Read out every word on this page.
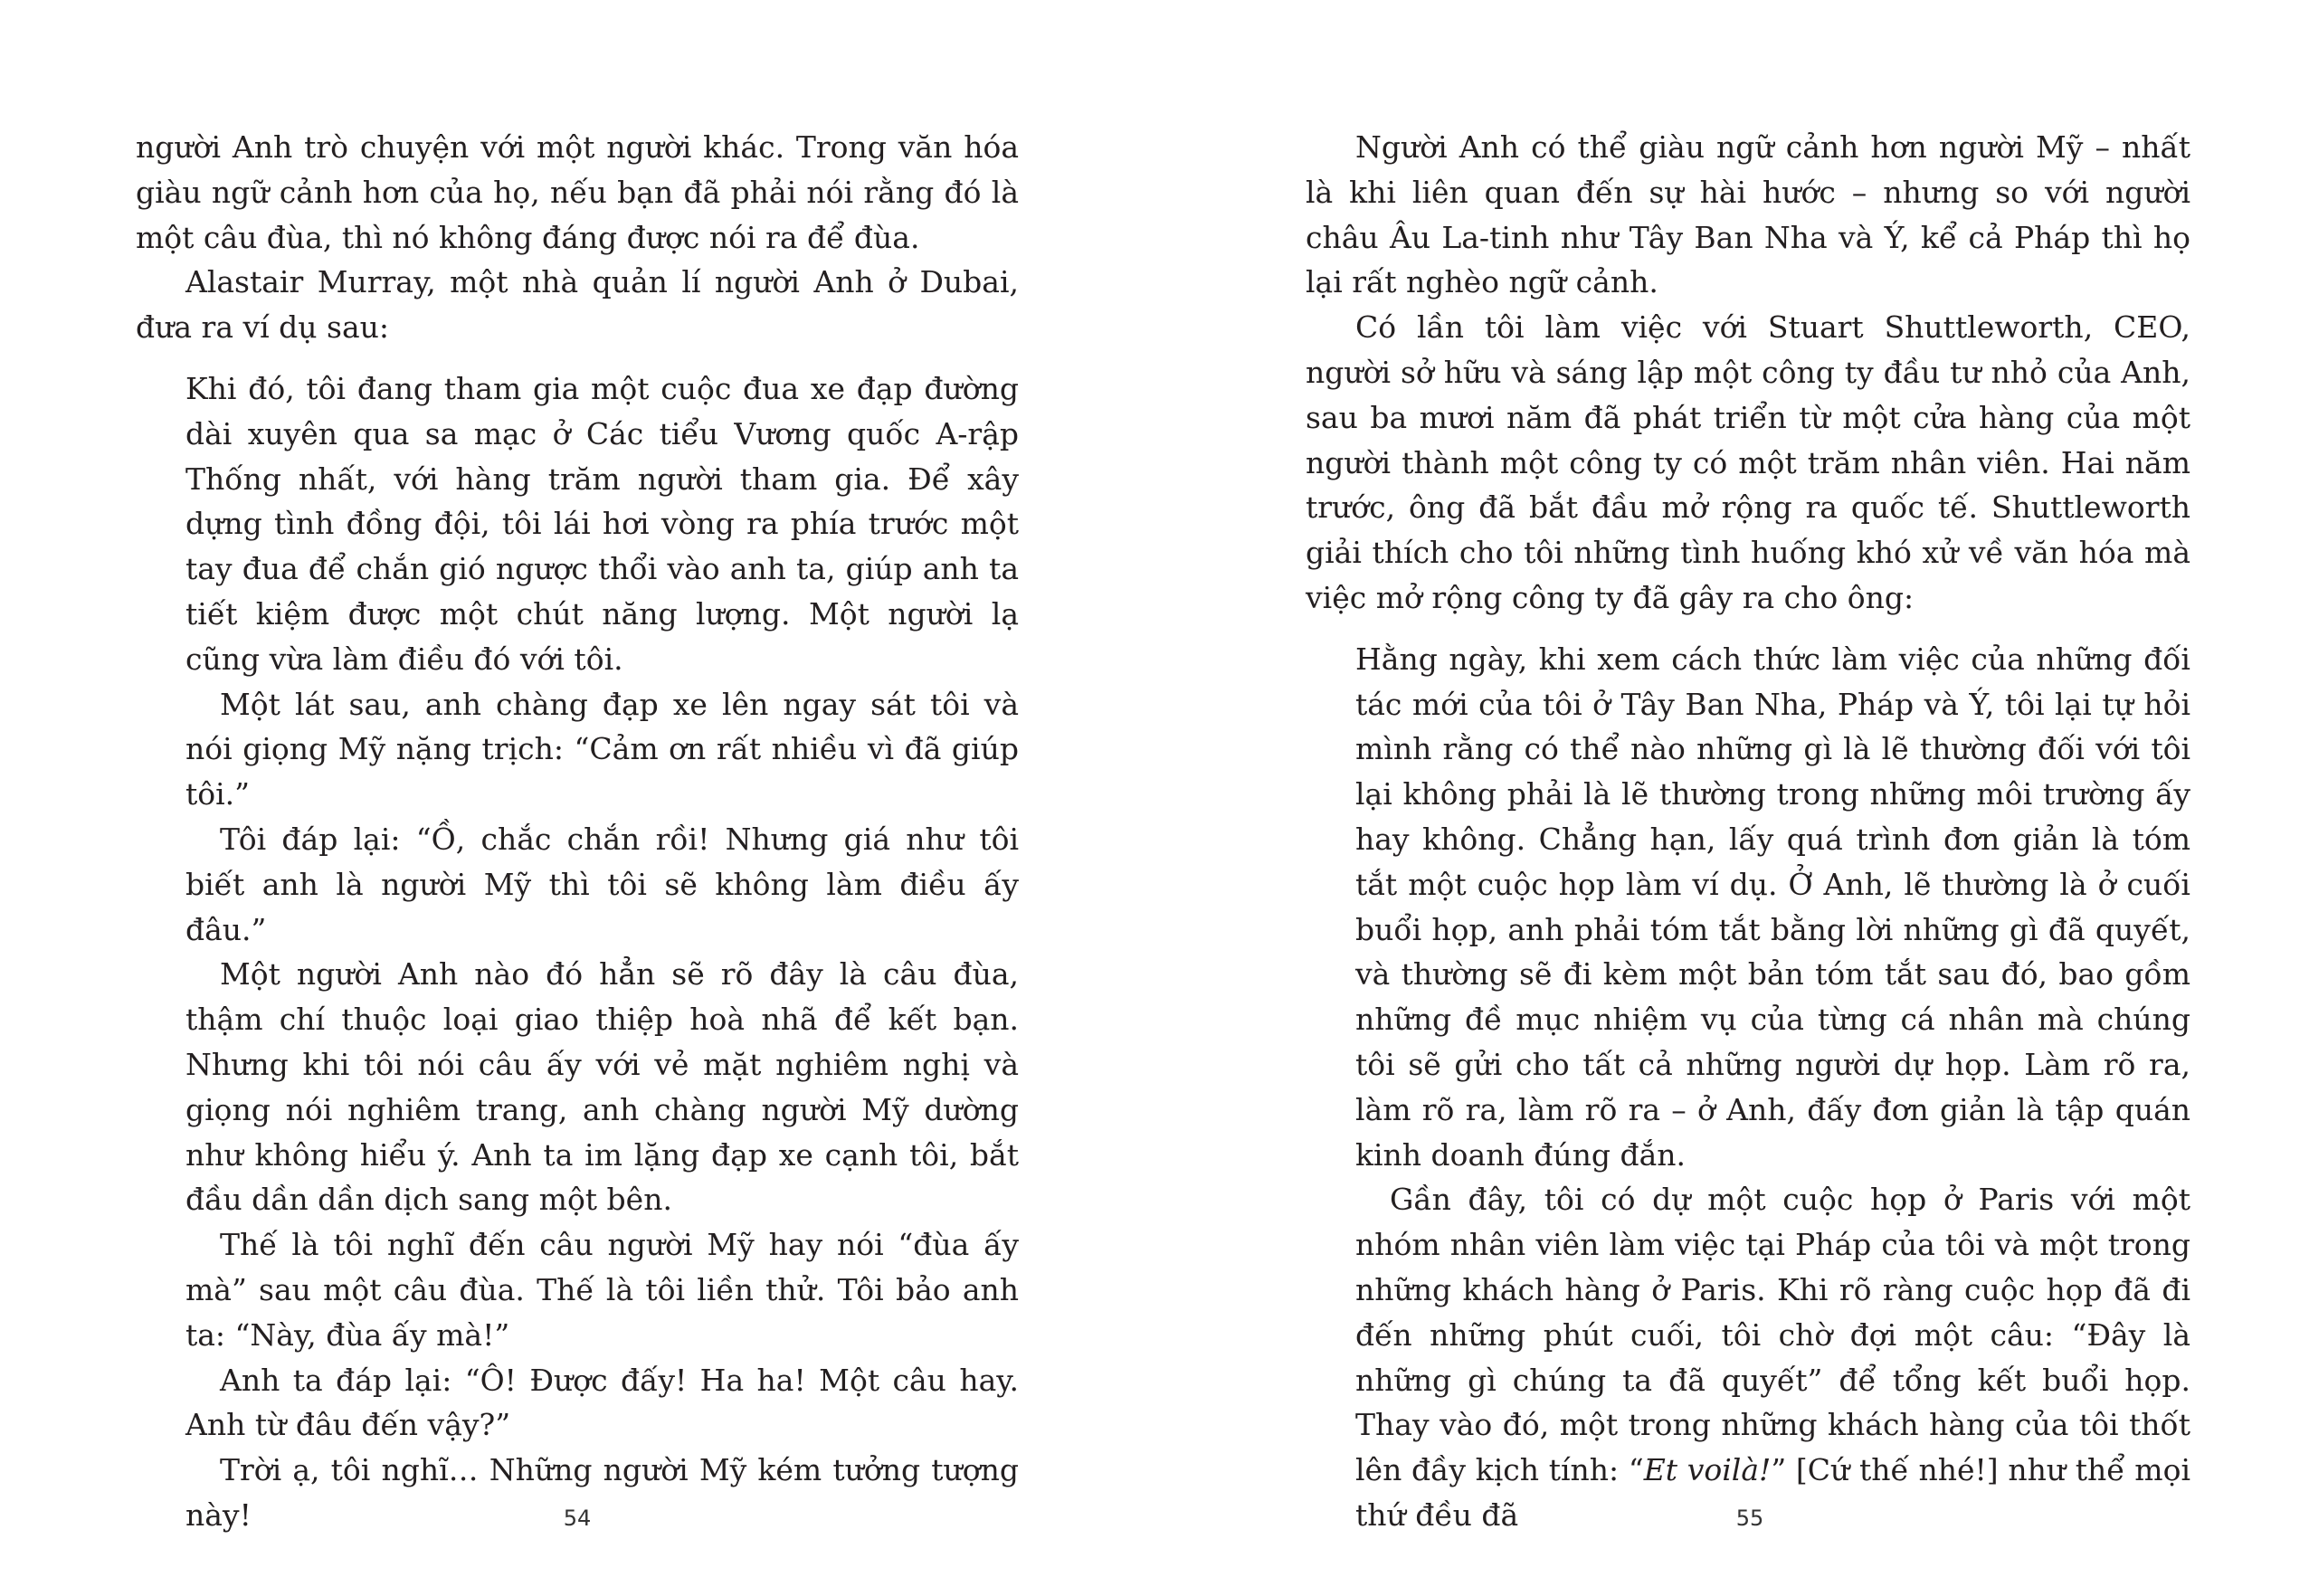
người Anh trò chuyện với một người khác. Trong văn hóa giàu ngữ cảnh hơn của họ, nếu bạn đã phải nói rằng đó là một câu đùa, thì nó không đáng được nói ra để đùa.

Alastair Murray, một nhà quản lí người Anh ở Dubai, đưa ra ví dụ sau:

Khi đó, tôi đang tham gia một cuộc đua xe đạp đường dài xuyên qua sa mạc ở Các tiểu Vương quốc A-rập Thống nhất, với hàng trăm người tham gia. Để xây dựng tình đồng đội, tôi lái hơi vòng ra phía trước một tay đua để chắn gió ngược thổi vào anh ta, giúp anh ta tiết kiệm được một chút năng lượng. Một người lạ cũng vừa làm điều đó với tôi.

Một lát sau, anh chàng đạp xe lên ngay sát tôi và nói giọng Mỹ nặng trịch: “Cảm ơn rất nhiều vì đã giúp tôi.”

Tôi đáp lại: “Ồ, chắc chắn rồi! Nhưng giá như tôi biết anh là người Mỹ thì tôi sẽ không làm điều ấy đâu.”

Một người Anh nào đó hẳn sẽ rõ đây là câu đùa, thậm chí thuộc loại giao thiệp hoà nhã để kết bạn. Nhưng khi tôi nói câu ấy với vẻ mặt nghiêm nghị và giọng nói nghiêm trang, anh chàng người Mỹ dường như không hiểu ý. Anh ta im lặng đạp xe cạnh tôi, bắt đầu dần dần dịch sang một bên.

Thế là tôi nghĩ đến câu người Mỹ hay nói “đùa ấy mà” sau một câu đùa. Thế là tôi liền thử. Tôi bảo anh ta: “Này, đùa ấy mà!”

Anh ta đáp lại: “Ô! Được đấy! Ha ha! Một câu hay. Anh từ đâu đến vậy?”

Trời ạ, tôi nghĩ… Những người Mỹ kém tưởng tượng này!	54

Người Anh có thể giàu ngữ cảnh hơn người Mỹ – nhất là khi liên quan đến sự hài hước – nhưng so với người châu Âu La-tinh như Tây Ban Nha và Ý, kể cả Pháp thì họ lại rất nghèo ngữ cảnh.

Có lần tôi làm việc với Stuart Shuttleworth, CEO, người sở hữu và sáng lập một công ty đầu tư nhỏ của Anh, sau ba mươi năm đã phát triển từ một cửa hàng của một người thành một công ty có một trăm nhân viên. Hai năm trước, ông đã bắt đầu mở rộng ra quốc tế. Shuttleworth giải thích cho tôi những tình huống khó xử về văn hóa mà việc mở rộng công ty đã gây ra cho ông:

Hằng ngày, khi xem cách thức làm việc của những đối tác mới của tôi ở Tây Ban Nha, Pháp và Ý, tôi lại tự hỏi mình rằng có thể nào những gì là lẽ thường đối với tôi lại không phải là lẽ thường trong những môi trường ấy hay không. Chẳng hạn, lấy quá trình đơn giản là tóm tắt một cuộc họp làm ví dụ. Ở Anh, lẽ thường là ở cuối buổi họp, anh phải tóm tắt bằng lời những gì đã quyết, và thường sẽ đi kèm một bản tóm tắt sau đó, bao gồm những đề mục nhiệm vụ của từng cá nhân mà chúng tôi sẽ gửi cho tất cả những người dự họp. Làm rõ ra, làm rõ ra, làm rõ ra – ở Anh, đấy đơn giản là tập quán kinh doanh đúng đắn.

Gần đây, tôi có dự một cuộc họp ở Paris với một nhóm nhân viên làm việc tại Pháp của tôi và một trong những khách hàng ở Paris. Khi rõ ràng cuộc họp đã đi đến những phút cuối, tôi chờ đợi một câu: “Đây là những gì chúng ta đã quyết” để tổng kết buổi họp. Thay vào đó, một trong những khách hàng của tôi thốt lên đầy kịch tính: “Et voilà!” [Cứ thế nhé!] như thể mọi thứ đều đã	55
